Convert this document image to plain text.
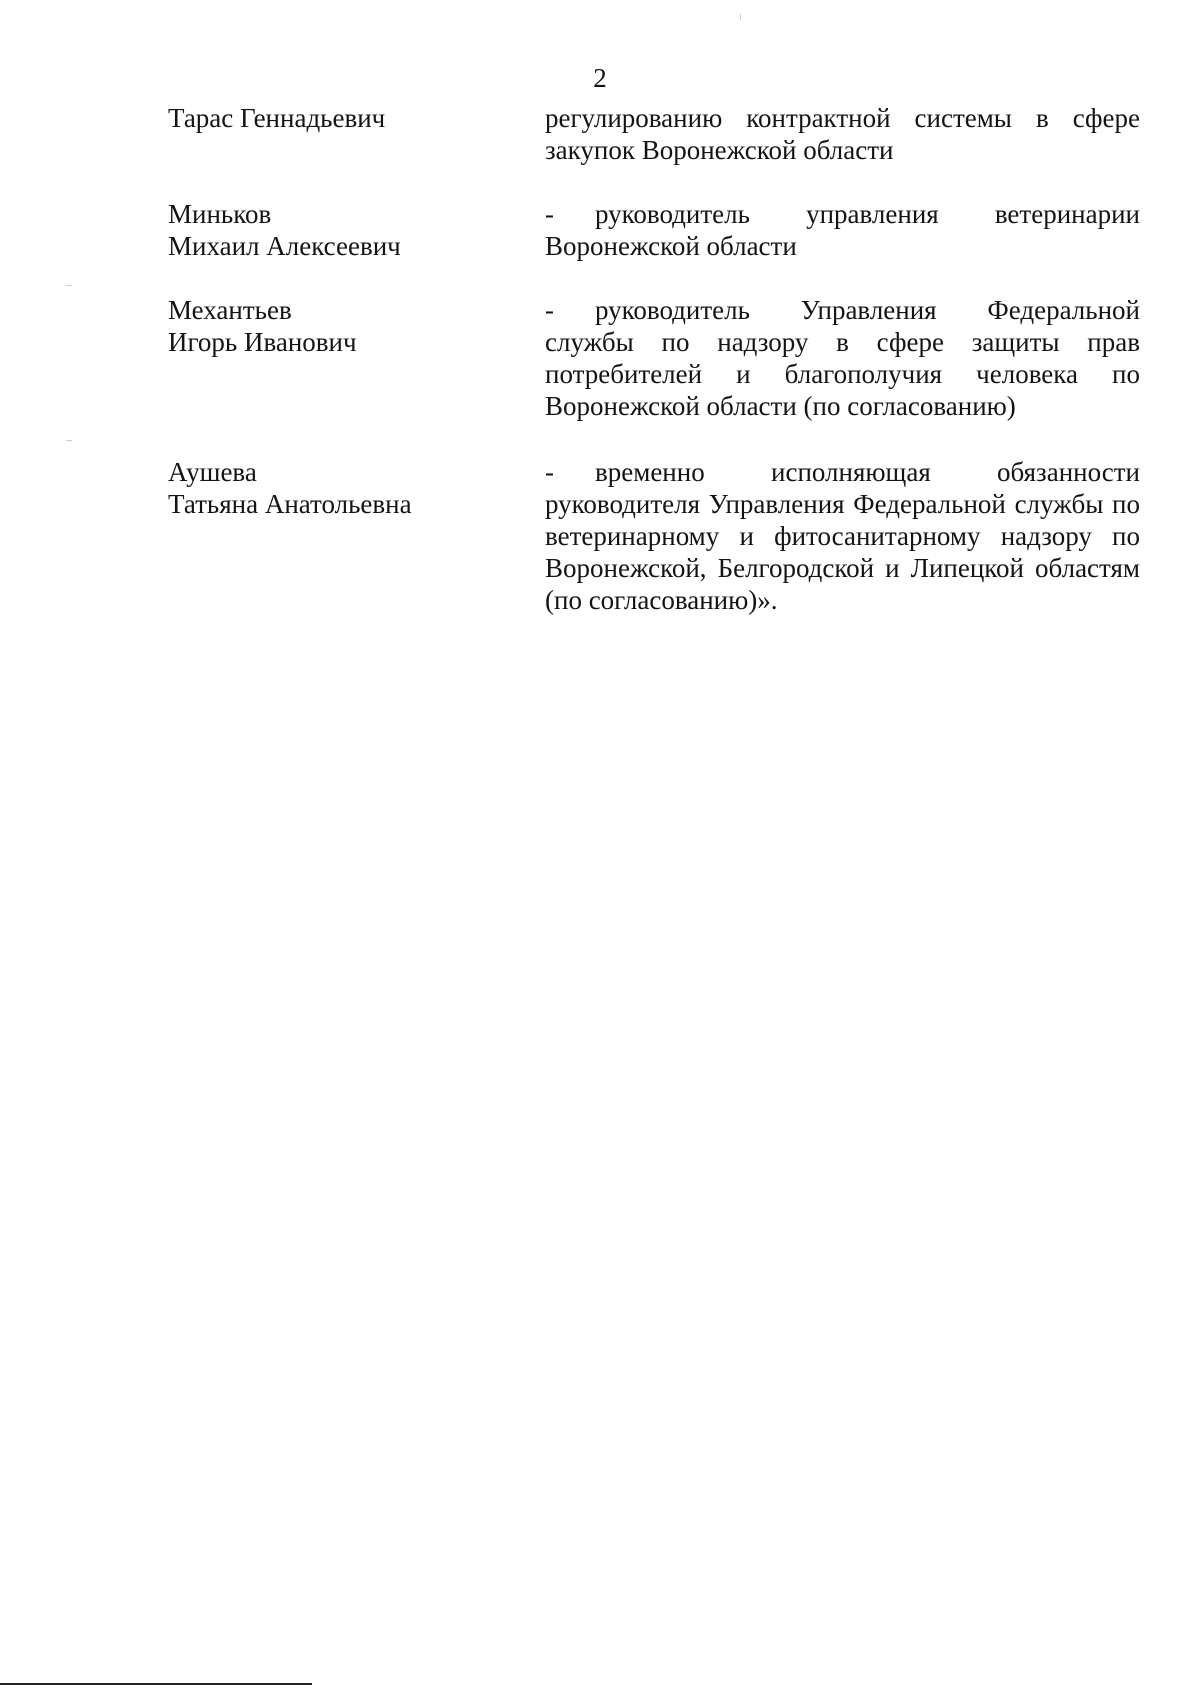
2
Тарас Геннадьевич	регулированию контрактной системы в сфере закупок Воронежской области
Миньков
Михаил Алексеевич
- руководитель управления ветеринарии Воронежской области
Механтьев
Игорь Иванович
- руководитель Управления Федеральной службы по надзору в сфере защиты прав потребителей и благополучия человека по Воронежской области (по согласованию)
Аушева
Татьяна Анатольевна
- временно исполняющая обязанности руководителя Управления Федеральной службы по ветеринарному и фитосанитарному надзору по Воронежской, Белгородской и Липецкой областям (по согласованию)».
